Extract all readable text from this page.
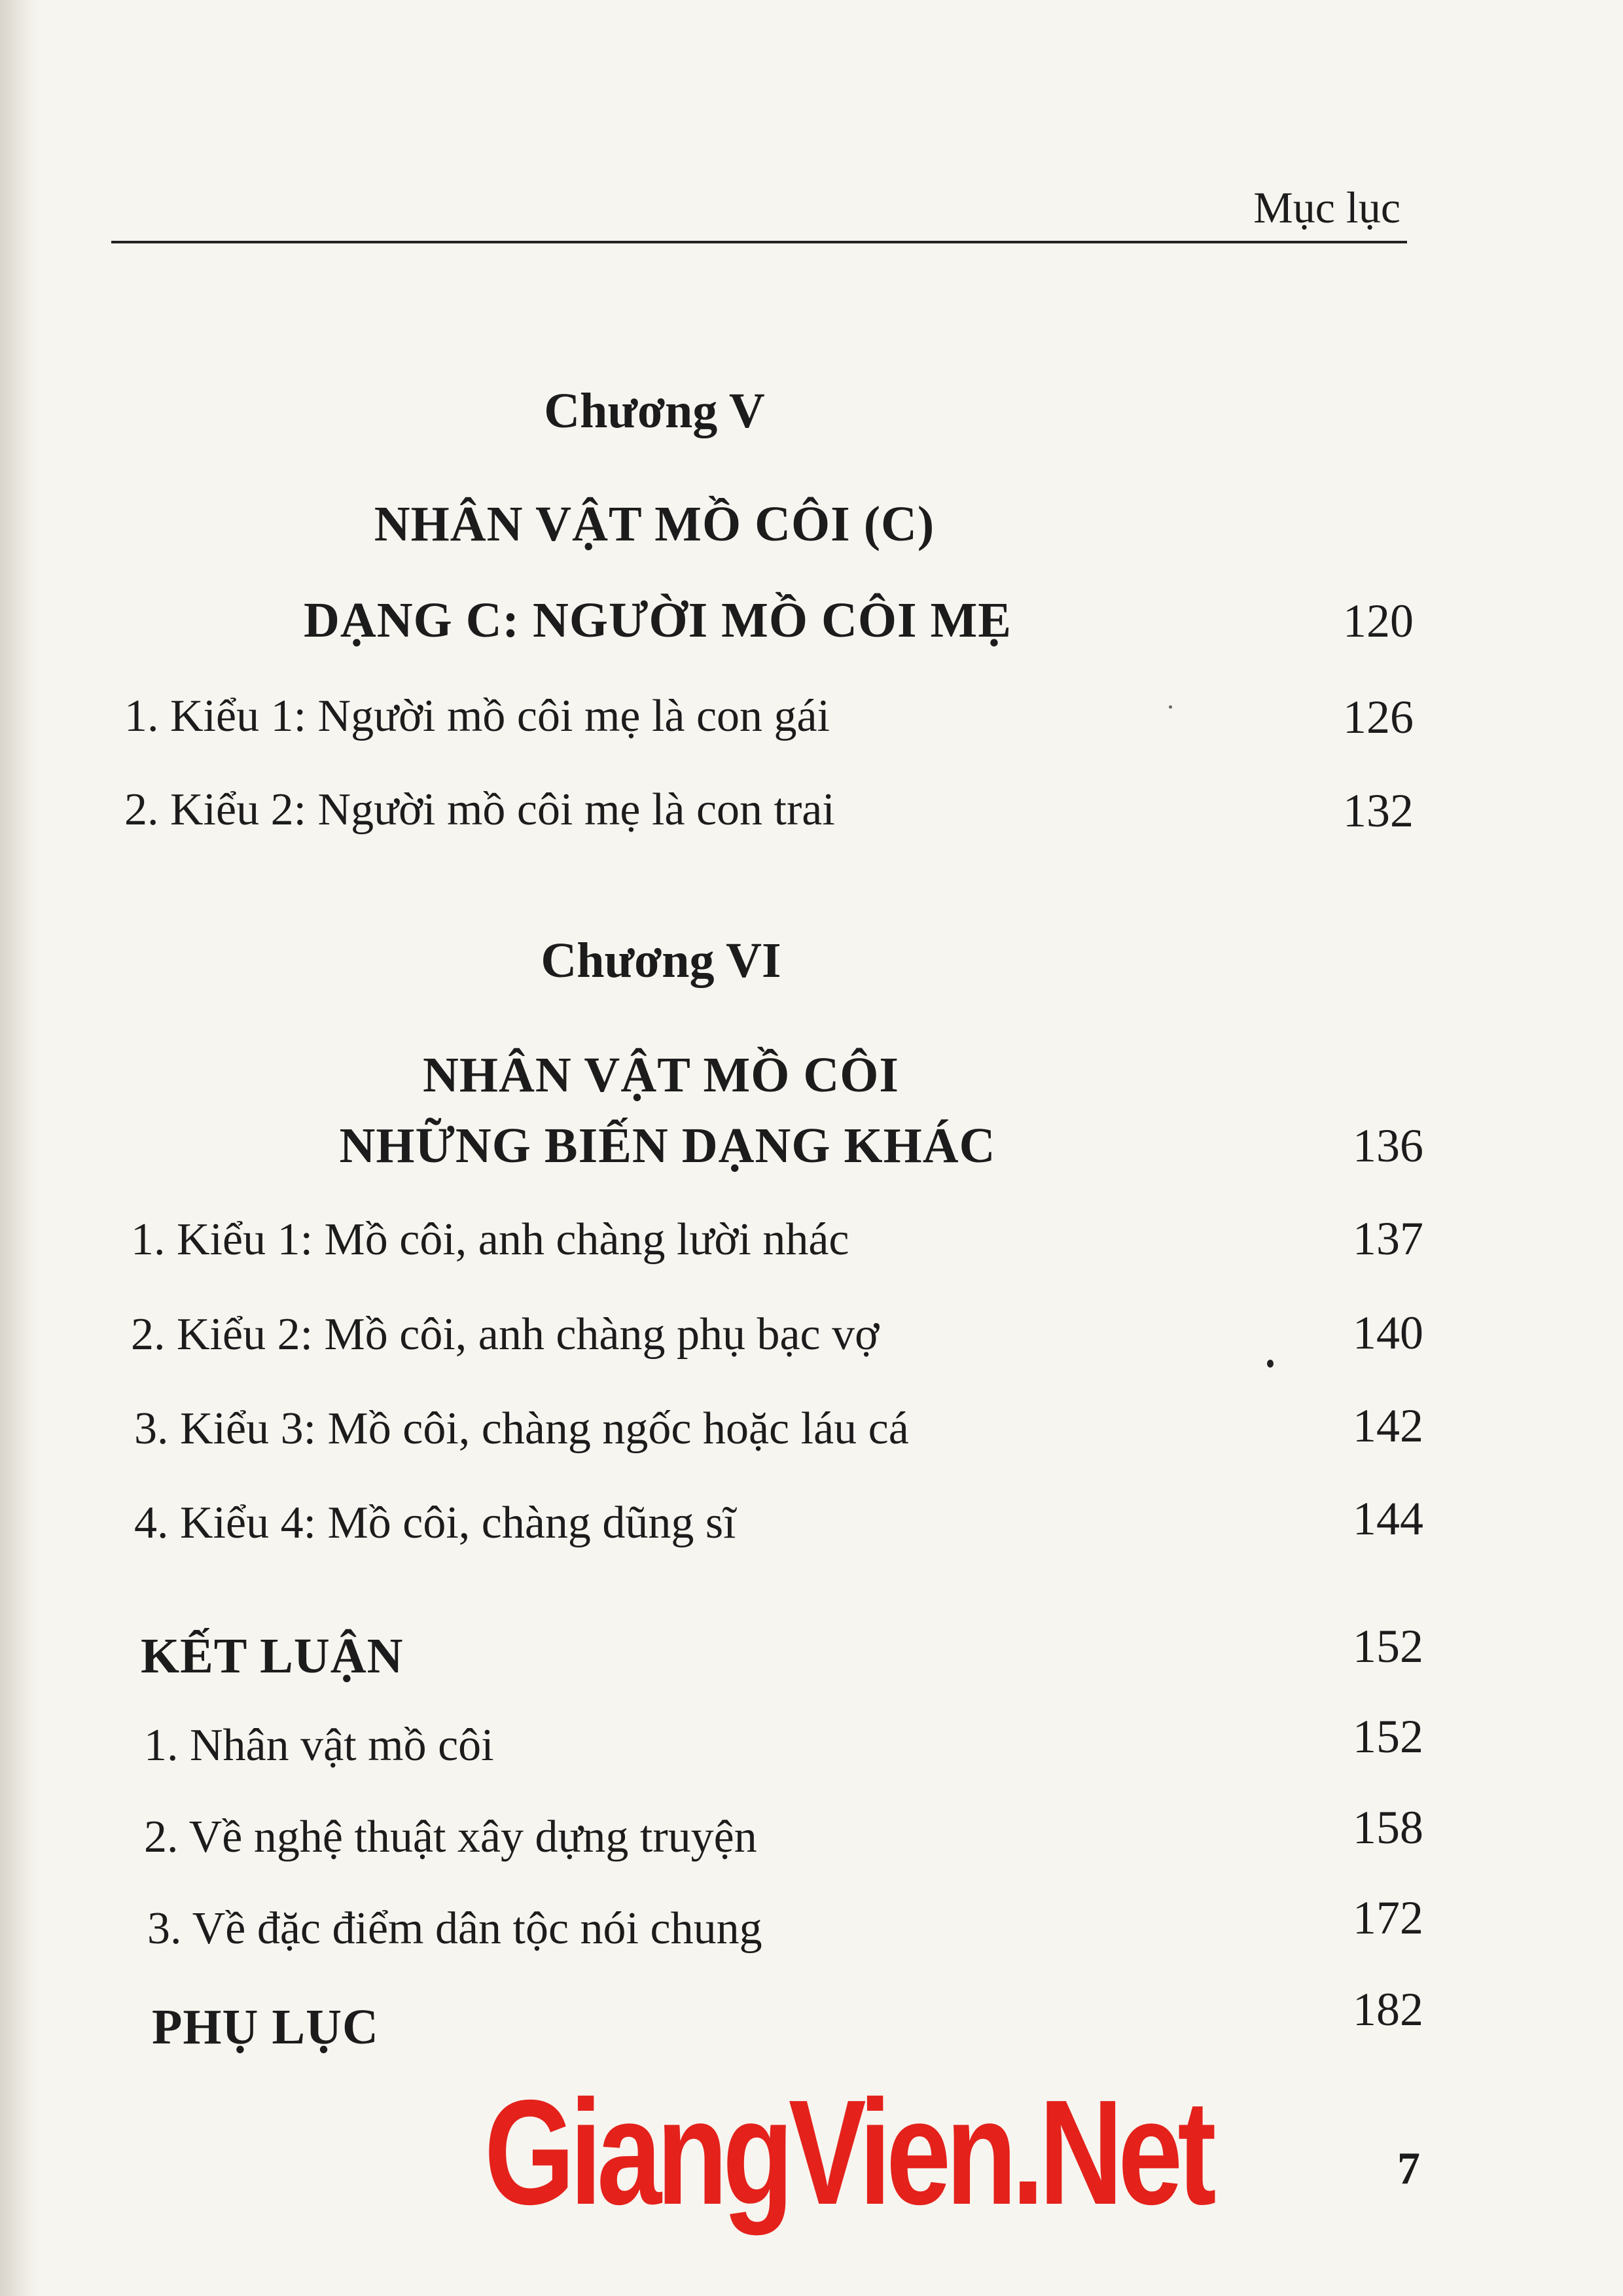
Mục lục
Chương V
NHÂN VẬT MỒ CÔI (C)
DẠNG C: NGƯỜI MỒ CÔI MẸ	120
1. Kiểu 1: Người mồ côi mẹ là con gái	126
2. Kiểu 2: Người mồ côi mẹ là con trai	132
Chương VI
NHÂN VẬT MỒ CÔI
NHỮNG BIẾN DẠNG KHÁC	136
1. Kiểu 1: Mồ côi, anh chàng lười nhác	137
2. Kiểu 2: Mồ côi, anh chàng phụ bạc vợ	140
3. Kiểu 3: Mồ côi, chàng ngốc hoặc láu cá	142
4. Kiểu 4: Mồ côi, chàng dũng sĩ	144
KẾT LUẬN	152
1. Nhân vật mồ côi	152
2. Về nghệ thuật xây dựng truyện	158
3. Về đặc điểm dân tộc nói chung	172
PHỤ LỤC	182
GiangVien.Net	7
